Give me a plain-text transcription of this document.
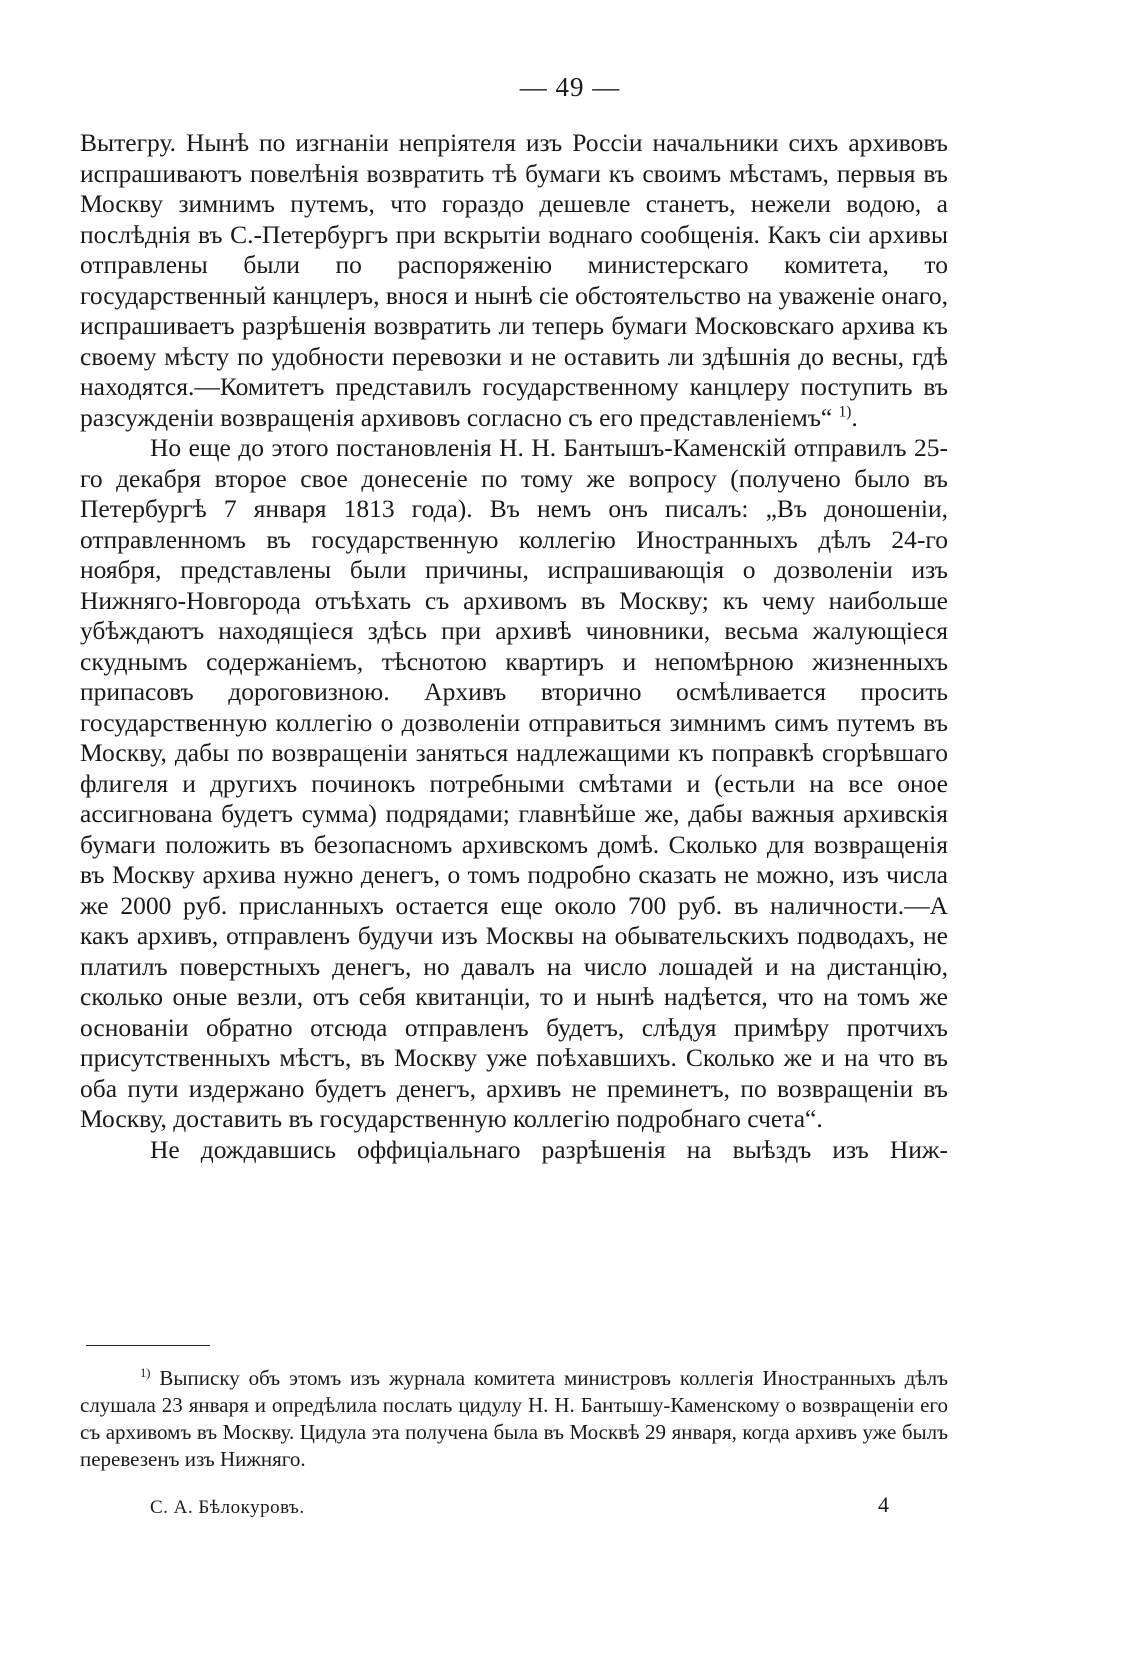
— 49 —

Вытегру. Нынѣ по изгнаніи непріятеля изъ Россіи начальники сихъ архивовъ испрашиваютъ повелѣнія возвратить тѣ бумаги къ своимъ мѣстамъ, первыя въ Москву зимнимъ путемъ, что гораздо дешевле станетъ, нежели водою, а послѣднія въ С.-Петербургъ при вскрытіи воднаго сообщенія. Какъ сіи архивы отправлены были по распоряженію министерскаго комитета, то государственный канцлеръ, внося и нынѣ сіе обстоятельство на уваженіе онаго, испрашиваетъ разрѣшенія возвратить ли теперь бумаги Московскаго архива къ своему мѣсту по удобности перевозки и не оставить ли здѣшнія до весны, гдѣ находятся.—Комитетъ представилъ государственному канцлеру поступить въ разсужденіи возвращенія архивовъ согласно съ его представленіемъ“ $^{1)}$.

Но еще до этого постановленія Н. Н. Бантышъ-Каменскій отправилъ 25-го декабря второе свое донесеніе по тому же вопросу (получено было въ Петербургѣ 7 января 1813 года). Въ немъ онъ писалъ: „Въ доношеніи, отправленномъ въ государственную коллегію Иностранныхъ дѣлъ 24-го ноября, представлены были причины, испрашивающія о дозволеніи изъ Нижняго-Новгорода отъѣхать съ архивомъ въ Москву; къ чему наибольше убѣждаютъ находящіеся здѣсь при архивѣ чиновники, весьма жалующіеся скуднымъ содержаніемъ, тѣснотою квартиръ и непомѣрною жизненныхъ припасовъ дороговизною. Архивъ вторично осмѣливается просить государственную коллегію о дозволеніи отправиться зимнимъ симъ путемъ въ Москву, дабы по возвращеніи заняться надлежащими къ поправкѣ сгорѣвшаго флигеля и другихъ починокъ потребными смѣтами и (естьли на все оное ассигнована будетъ сумма) подрядами; главнѣйше же, дабы важныя архивскія бумаги положить въ безопасномъ архивскомъ домѣ. Сколько для возвращенія въ Москву архива нужно денегъ, о томъ подробно сказать не можно, изъ числа же 2000 руб. присланныхъ остается еще около 700 руб. въ наличности.—А какъ архивъ, отправленъ будучи изъ Москвы на обывательскихъ подводахъ, не платилъ поверстныхъ денегъ, но давалъ на число лошадей и на дистанцію, сколько оные везли, отъ себя квитанціи, то и нынѣ надѣется, что на томъ же основаніи обратно отсюда отправленъ будетъ, слѣдуя примѣру протчихъ присутственныхъ мѣстъ, въ Москву уже поѣхавшихъ. Сколько же и на что въ оба пути издержано будетъ денегъ, архивъ не преминетъ, по возвращеніи въ Москву, доставить въ государственную коллегію подробнаго счета“.

Не дождавшись оффиціальнаго разрѣшенія на выѣздъ изъ Ниж-

$^{1)}$ Выписку объ этомъ изъ журнала комитета министровъ коллегія Иностранныхъ дѣлъ слушала 23 января и опредѣлила послать цидулу Н. Н. Бантышу-Каменскому о возвращеніи его съ архивомъ въ Москву. Цидула эта получена была въ Москвѣ 29 января, когда архивъ уже былъ перевезенъ изъ Нижняго.

С. А. Бѣлокуровъ.	4
